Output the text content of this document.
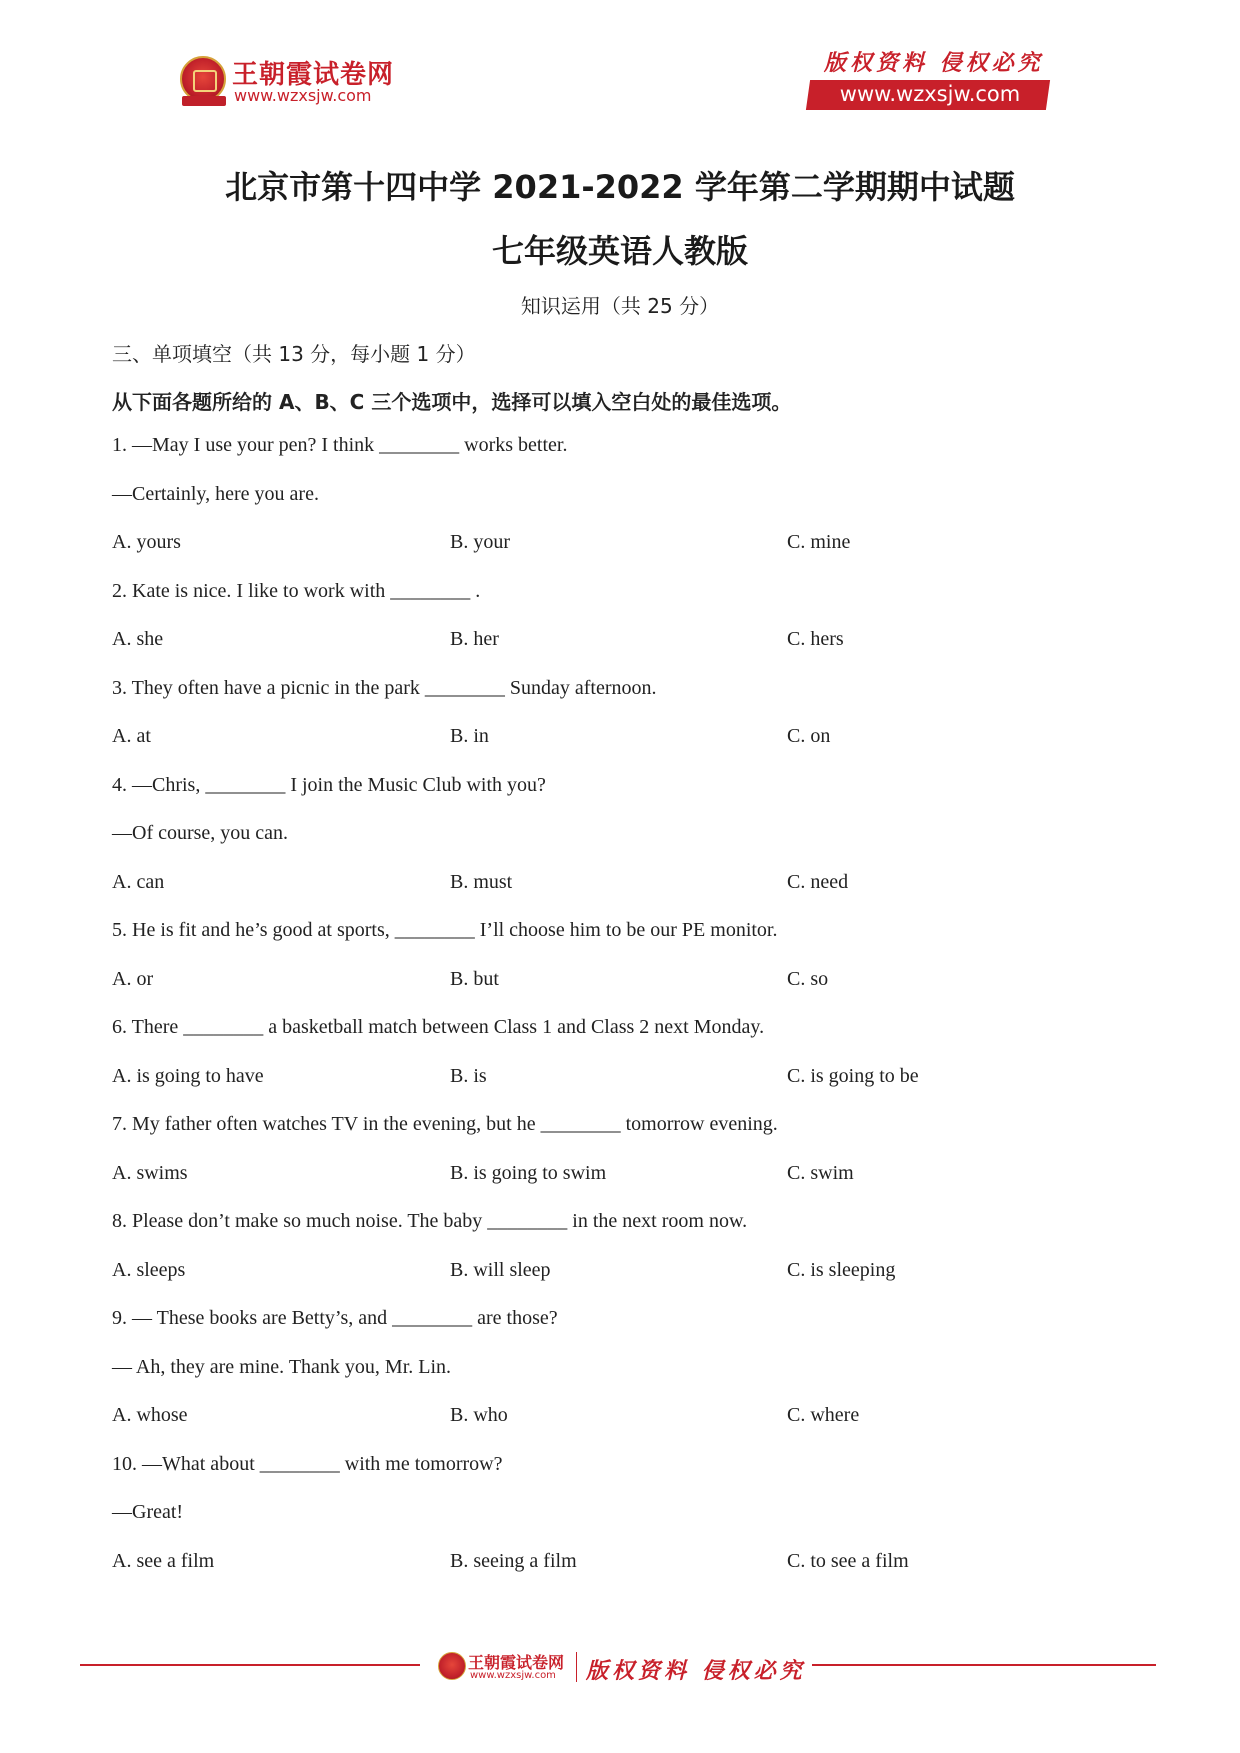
王朝霞试卷网
www.wzxsjw.com
版权资料 侵权必究
www.wzxsjw.com
北京市第十四中学 2021-2022 学年第二学期期中试题
七年级英语人教版
知识运用（共 25 分）
三、单项填空（共 13 分，每小题 1 分）
从下面各题所给的 A、B、C 三个选项中，选择可以填入空白处的最佳选项。
1. —May I use your pen? I think ________ works better.
—Certainly, here you are.
A. yours	B. your	C. mine
2. Kate is nice. I like to work with ________ .
A. she	B. her	C. hers
3. They often have a picnic in the park ________ Sunday afternoon.
A. at	B. in	C. on
4. —Chris, ________ I join the Music Club with you?
—Of course, you can.
A. can	B. must	C. need
5. He is fit and he’s good at sports, ________ I’ll choose him to be our PE monitor.
A. or	B. but	C. so
6. There ________ a basketball match between Class 1 and Class 2 next Monday.
A. is going to have	B. is	C. is going to be
7. My father often watches TV in the evening, but he ________ tomorrow evening.
A. swims	B. is going to swim	C. swim
8. Please don’t make so much noise. The baby ________ in the next room now.
A. sleeps	B. will sleep	C. is sleeping
9. — These books are Betty’s, and ________ are those?
— Ah, they are mine. Thank you, Mr. Lin.
A. whose	B. who	C. where
10. —What about ________ with me tomorrow?
—Great!
A. see a film	B. seeing a film	C. to see a film
王朝霞试卷网
www.wzxsjw.com 版权资料 侵权必究
